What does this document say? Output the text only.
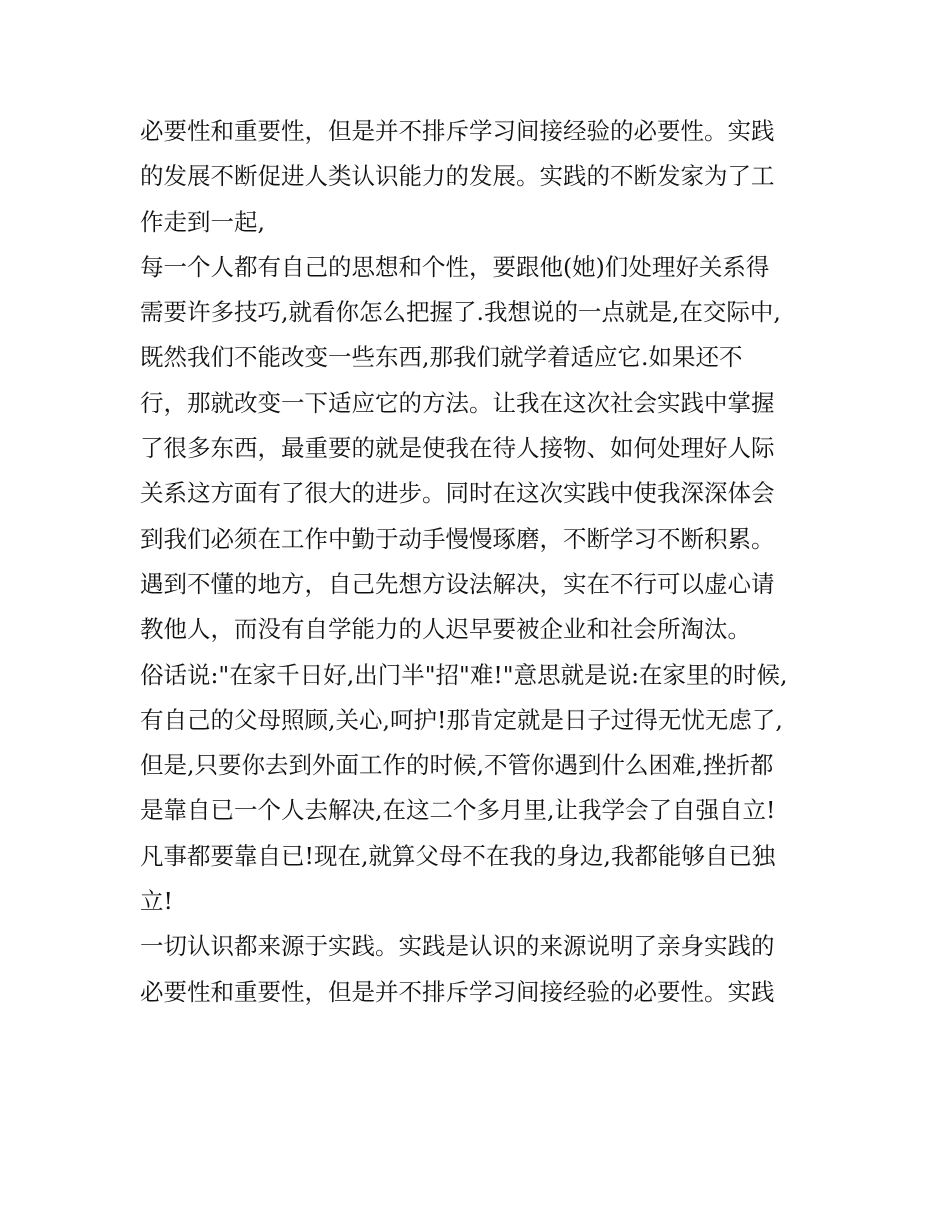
必要性和重要性，但是并不排斥学习间接经验的必要性。实践
的发展不断促进人类认识能力的发展。实践的不断发家为了工
作走到一起,
每一个人都有自己的思想和个性，要跟他(她)们处理好关系得
需要许多技巧,就看你怎么把握了.我想说的一点就是,在交际中,
既然我们不能改变一些东西,那我们就学着适应它.如果还不
行，那就改变一下适应它的方法。让我在这次社会实践中掌握
了很多东西，最重要的就是使我在待人接物、如何处理好人际
关系这方面有了很大的进步。同时在这次实践中使我深深体会
到我们必须在工作中勤于动手慢慢琢磨，不断学习不断积累。
遇到不懂的地方，自己先想方设法解决，实在不行可以虚心请
教他人，而没有自学能力的人迟早要被企业和社会所淘汰。
俗话说:"在家千日好,出门半"招"难!"意思就是说:在家里的时候,
有自己的父母照顾,关心,呵护!那肯定就是日子过得无忧无虑了,
但是,只要你去到外面工作的时候,不管你遇到什么困难,挫折都
是靠自已一个人去解决,在这二个多月里,让我学会了自强自立!
凡事都要靠自已!现在,就算父母不在我的身边,我都能够自已独
立!
一切认识都来源于实践。实践是认识的来源说明了亲身实践的
必要性和重要性，但是并不排斥学习间接经验的必要性。实践
